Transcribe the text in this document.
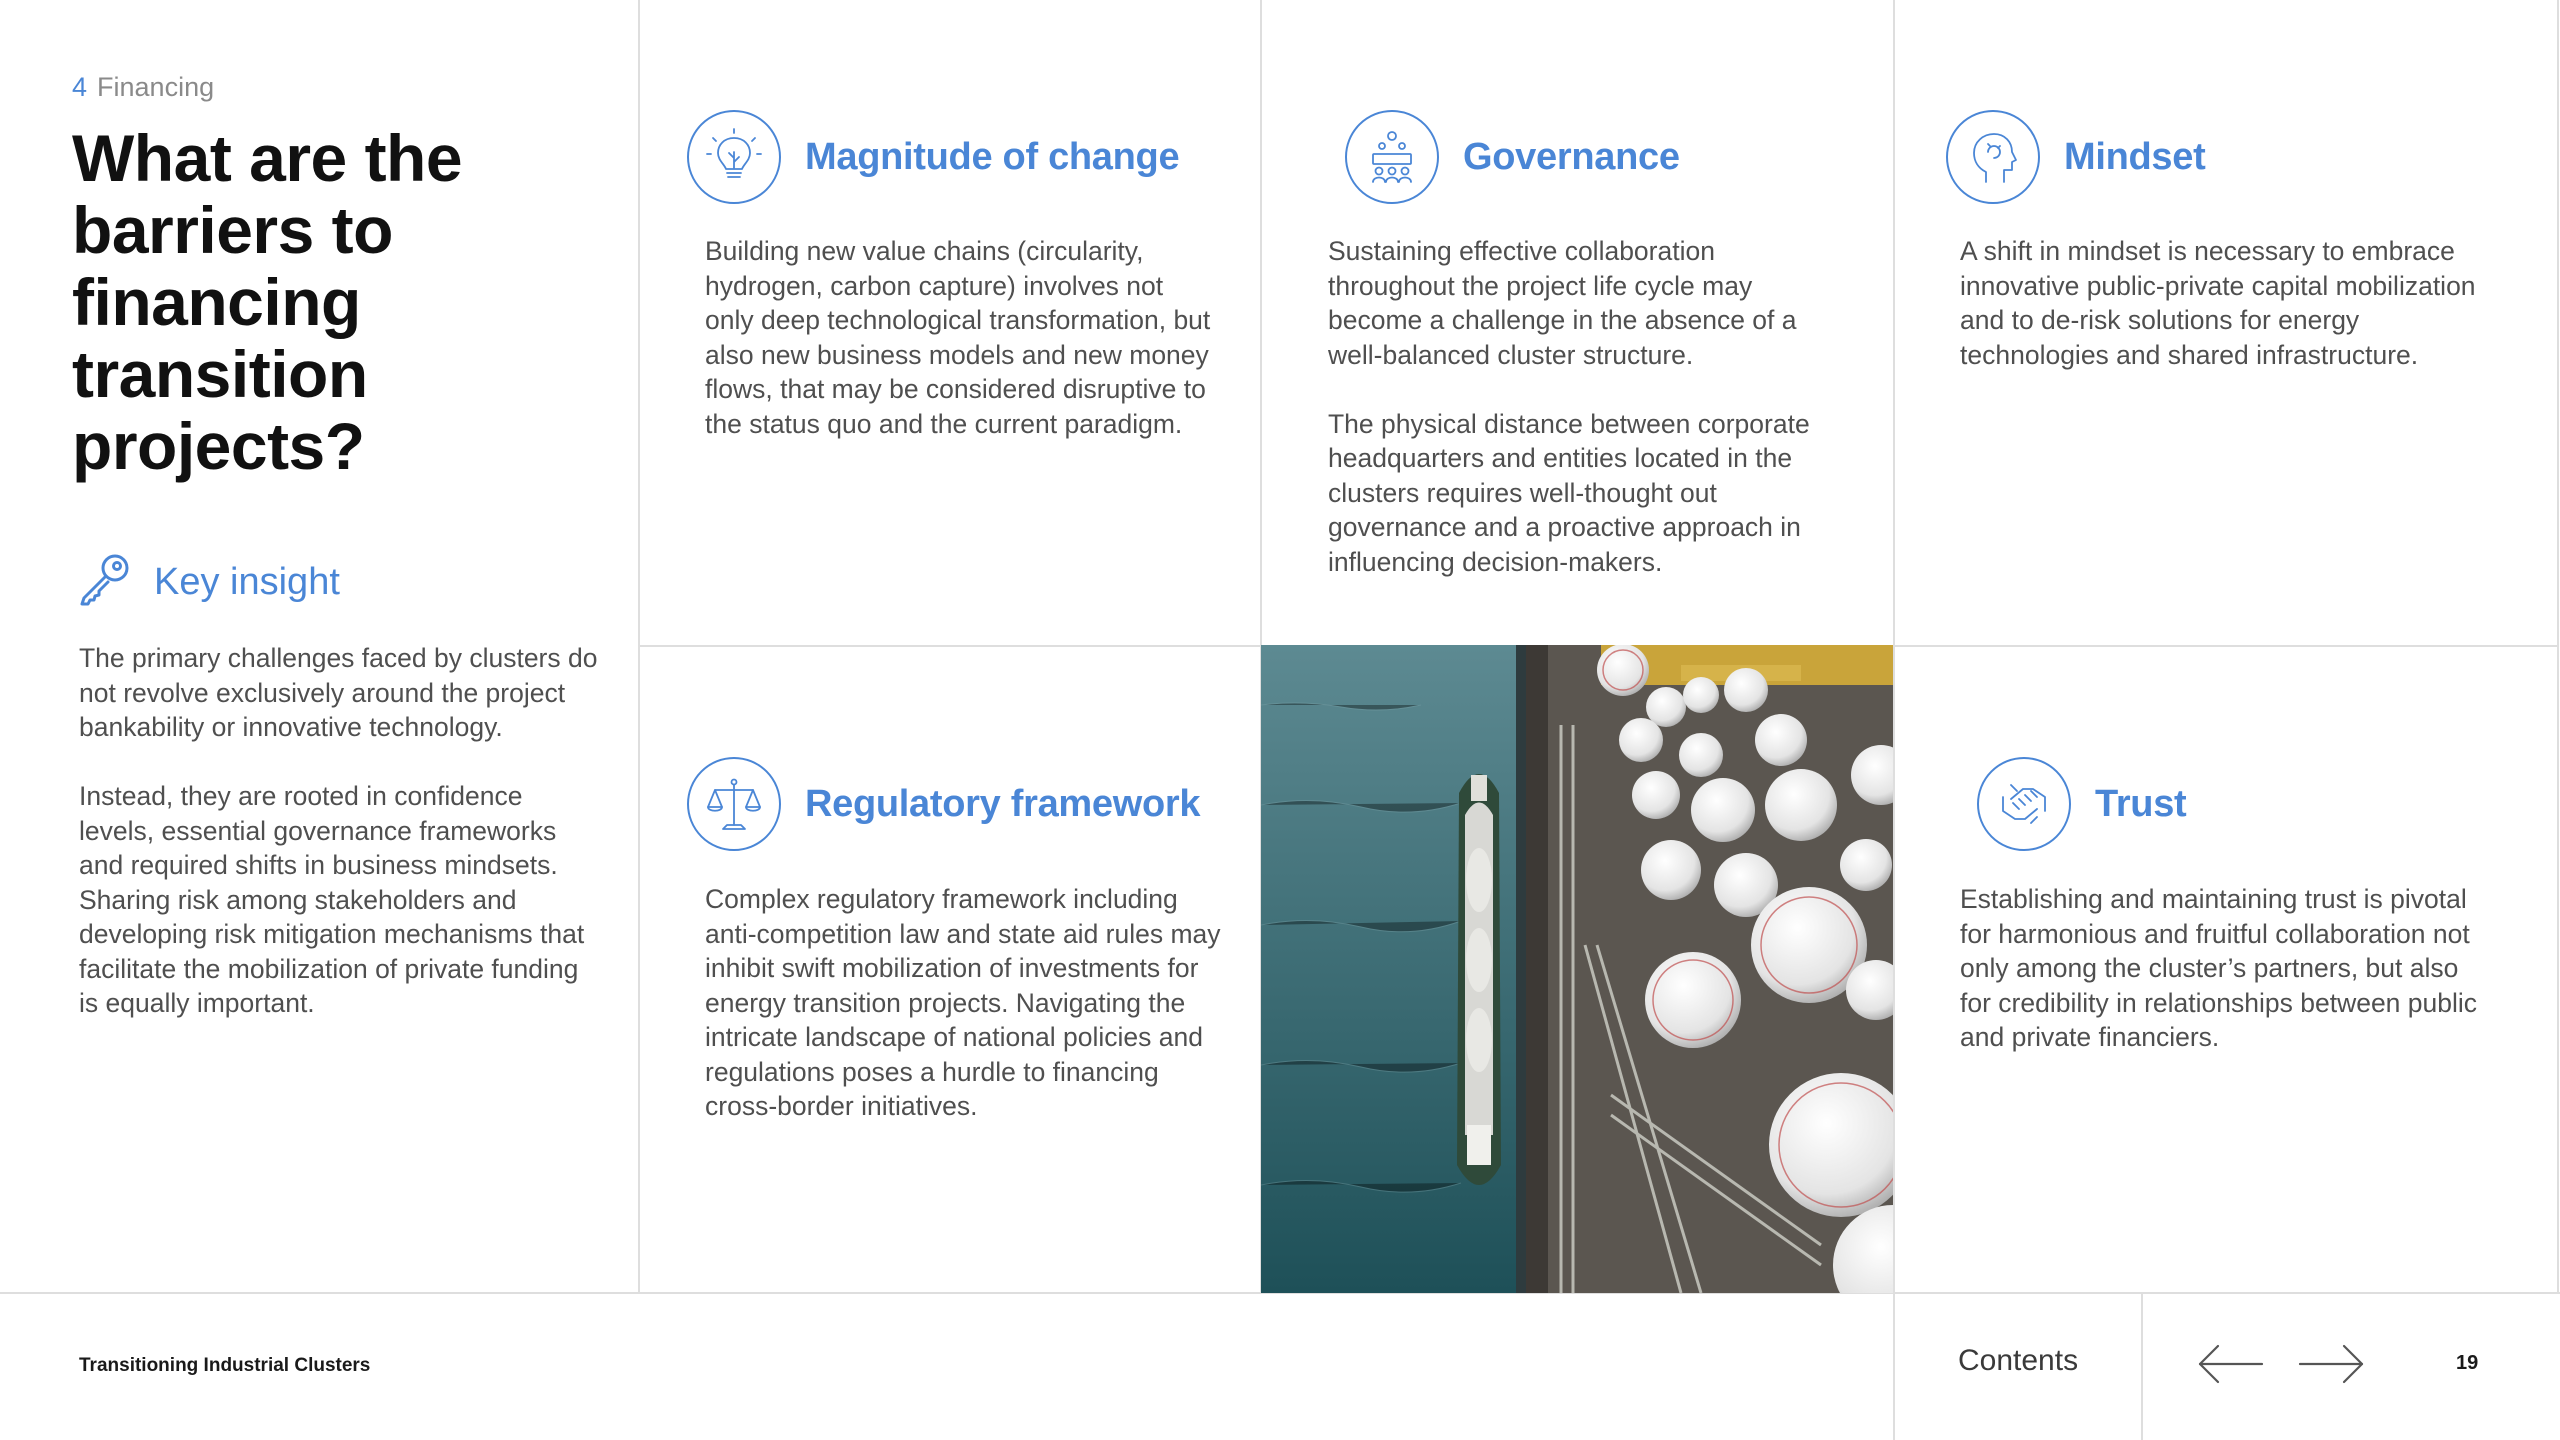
4 Financing
What are the barriers to financing transition projects?
Key insight

The primary challenges faced by clusters do not revolve exclusively around the project bankability or innovative technology.

Instead, they are rooted in confidence levels, essential governance frameworks and required shifts in business mindsets. Sharing risk among stakeholders and developing risk mitigation mechanisms that facilitate the mobilization of private funding is equally important.

Magnitude of change

Building new value chains (circularity, hydrogen, carbon capture) involves not only deep technological transformation, but also new business models and new money flows, that may be considered disruptive to the status quo and the current paradigm.

Governance

Sustaining effective collaboration throughout the project life cycle may become a challenge in the absence of a well-balanced cluster structure.

The physical distance between corporate headquarters and entities located in the clusters requires well-thought out governance and a proactive approach in influencing decision-makers.

Mindset

A shift in mindset is necessary to embrace innovative public-private capital mobilization and to de-risk solutions for energy technologies and shared infrastructure.

Regulatory framework

Complex regulatory framework including anti-competition law and state aid rules may inhibit swift mobilization of investments for energy transition projects. Navigating the intricate landscape of national policies and regulations poses a hurdle to financing cross-border initiatives.

Trust

Establishing and maintaining trust is pivotal for harmonious and fruitful collaboration not only among the cluster’s partners, but also for credibility in relationships between public and private financiers.

Transitioning Industrial Clusters	Contents	19
